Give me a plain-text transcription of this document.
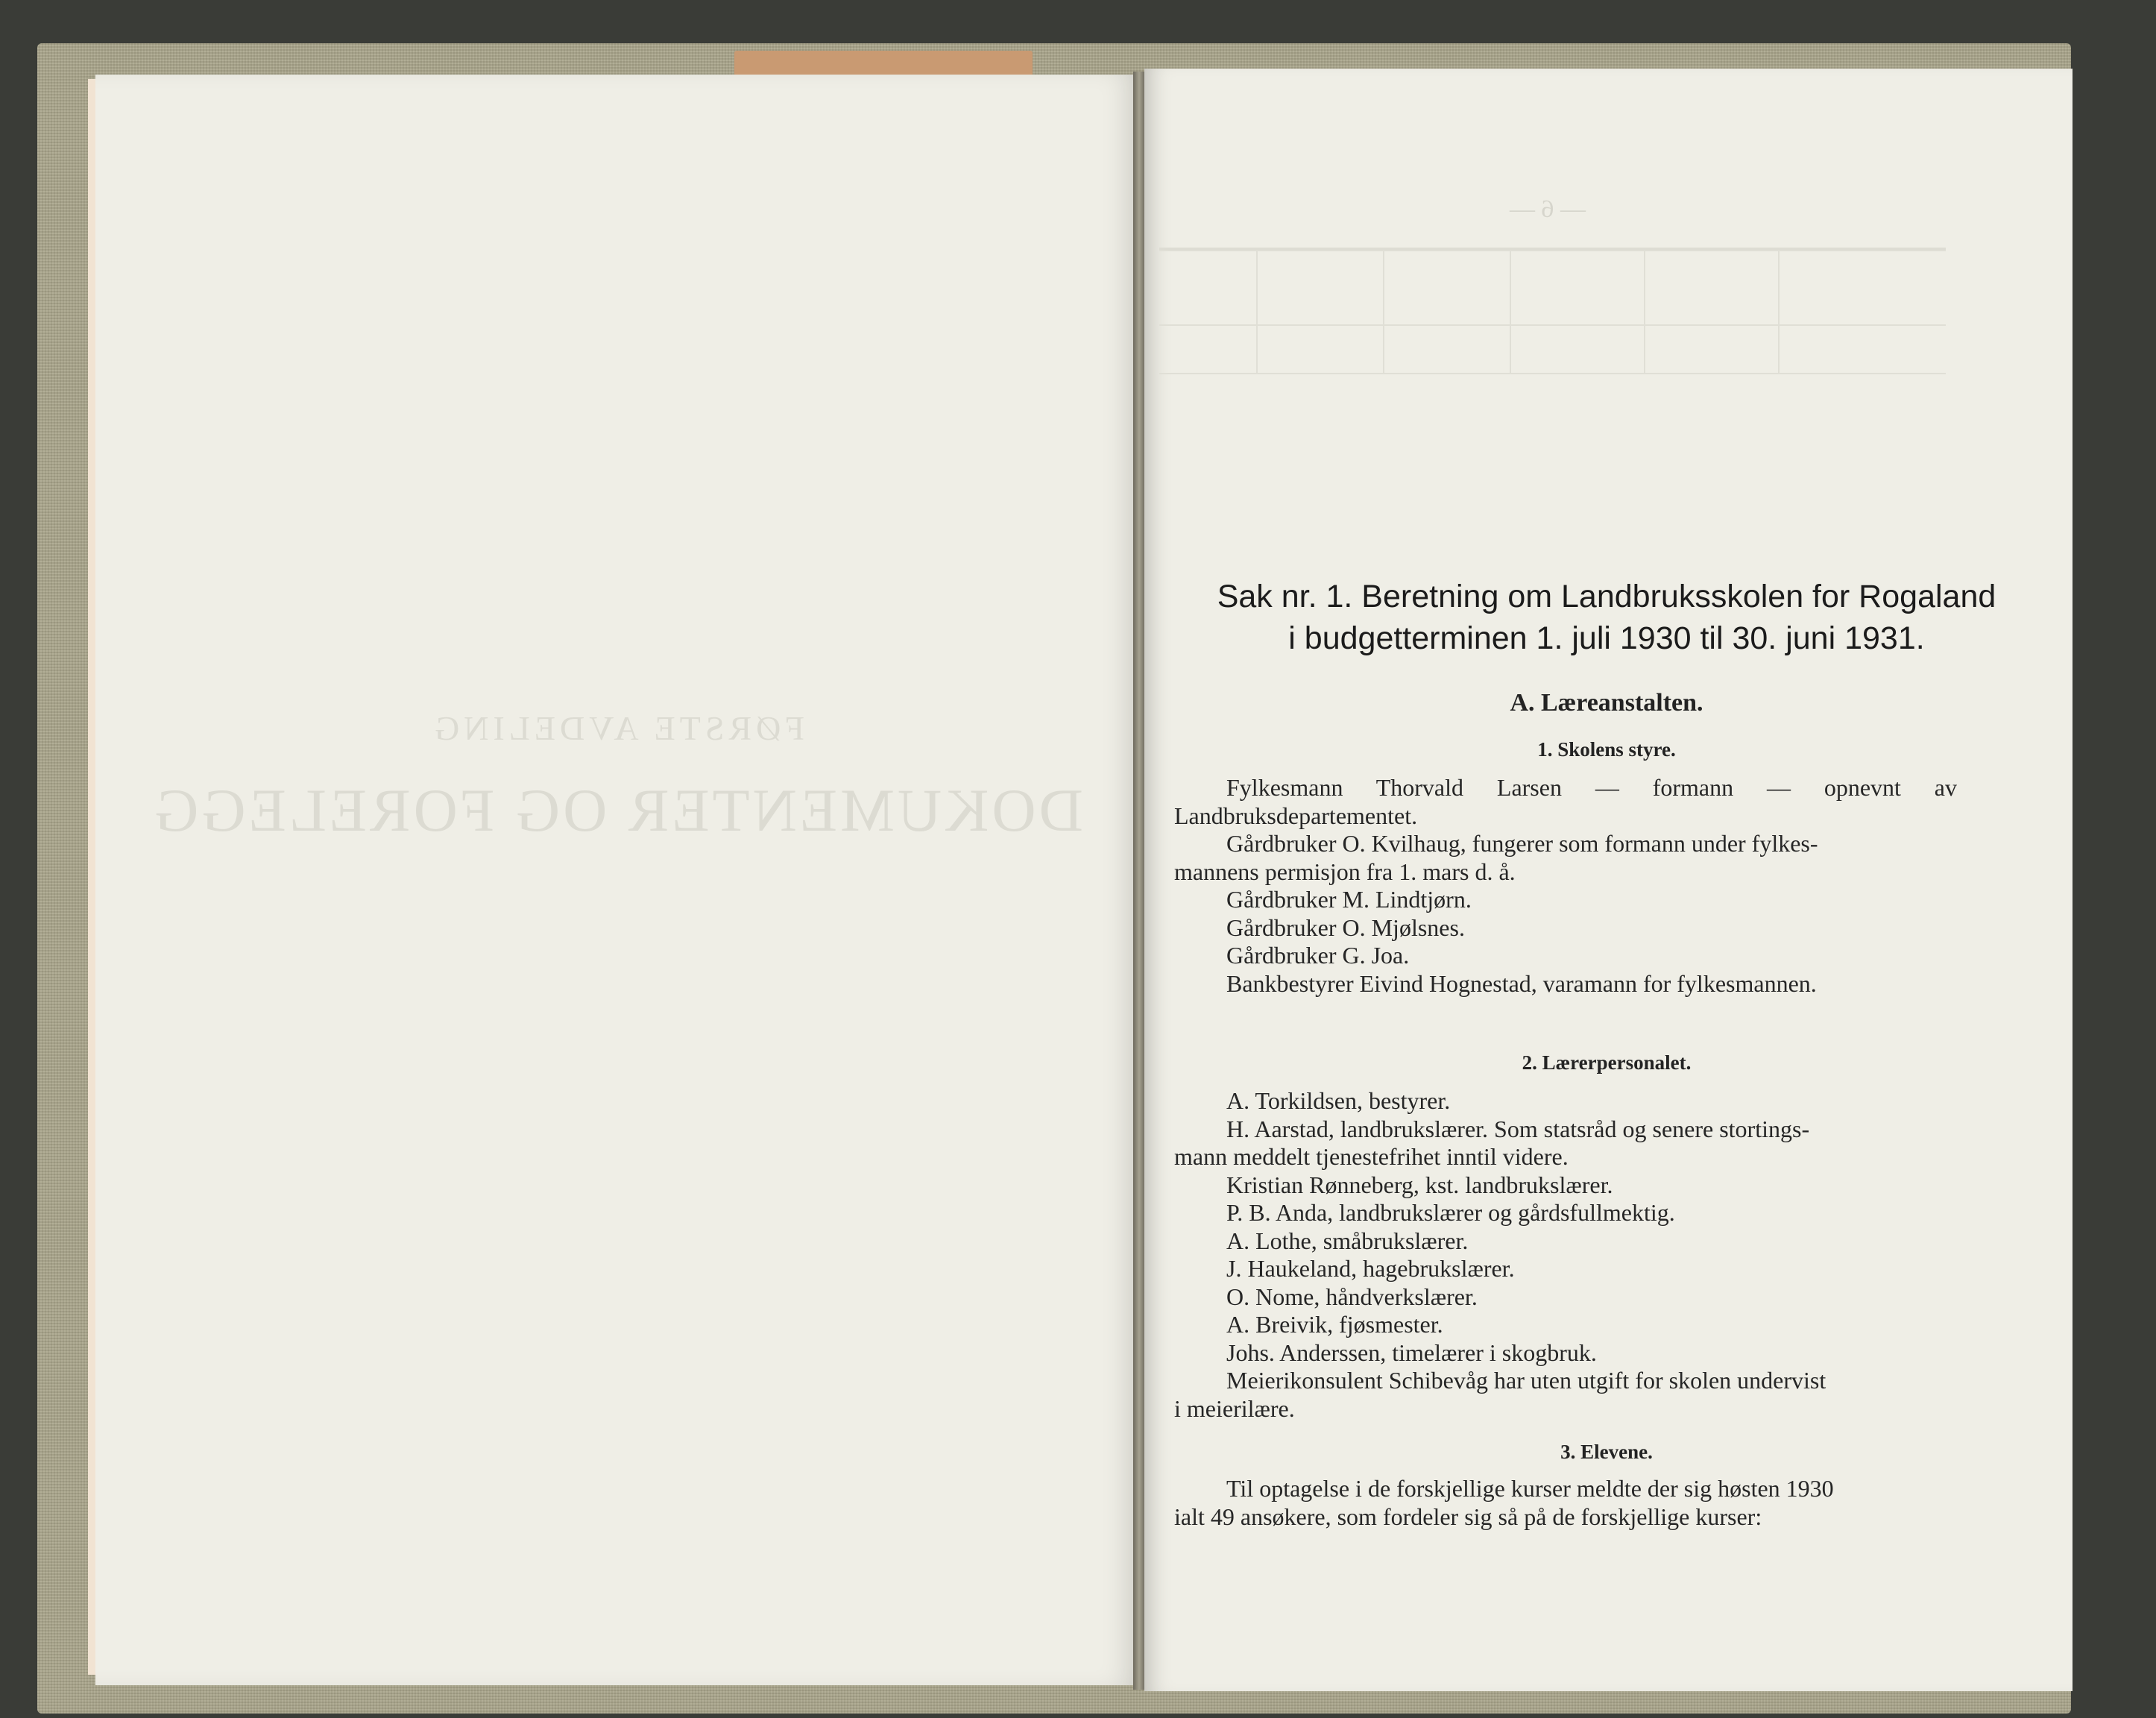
FØRSTE AVDELING
DOKUMENTER OG FORELEGG
— 6 —
Sak nr. 1. Beretning om Landbruksskolen for Rogaland
i budgetterminen 1. juli 1930 til 30. juni 1931.
A. Læreanstalten.
1. Skolens styre.
Fylkesmann Thorvald Larsen — formann — opnevnt av
Landbruksdepartementet.
Gårdbruker O. Kvilhaug, fungerer som formann under fylkes-
mannens permisjon fra 1. mars d. å.
Gårdbruker M. Lindtjørn.
Gårdbruker O. Mjølsnes.
Gårdbruker G. Joa.
Bankbestyrer Eivind Hognestad, varamann for fylkesmannen.
2. Lærerpersonalet.
A. Torkildsen, bestyrer.
H. Aarstad, landbrukslærer. Som statsråd og senere stortings-
mann meddelt tjenestefrihet inntil videre.
Kristian Rønneberg, kst. landbrukslærer.
P. B. Anda, landbrukslærer og gårdsfullmektig.
A. Lothe, småbrukslærer.
J. Haukeland, hagebrukslærer.
O. Nome, håndverkslærer.
A. Breivik, fjøsmester.
Johs. Anderssen, timelærer i skogbruk.
Meierikonsulent Schibevåg har uten utgift for skolen undervist
i meierilære.
3. Elevene.
Til optagelse i de forskjellige kurser meldte der sig høsten 1930
ialt 49 ansøkere, som fordeler sig så på de forskjellige kurser:
